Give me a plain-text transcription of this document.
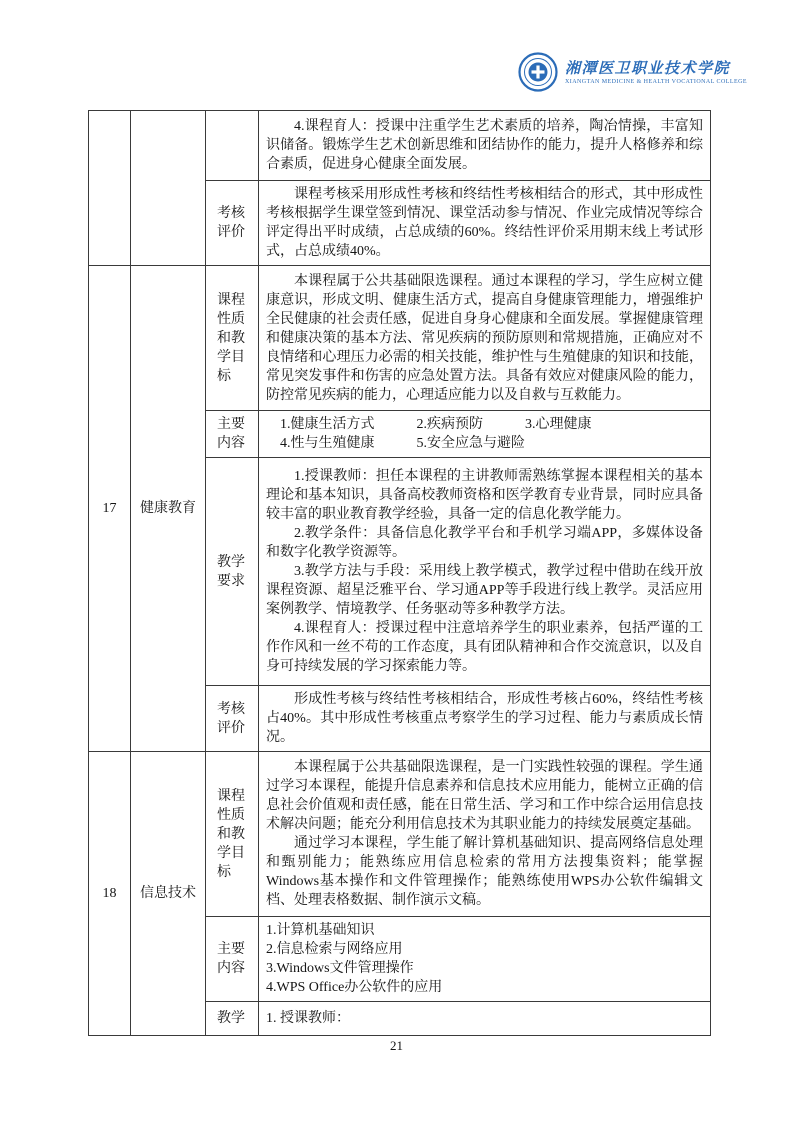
湘潭医卫职业技术学院
XIANGTAN MEDICINE & HEALTH VOCATIONAL COLLEGE

			4.课程育人：授课中注重学生艺术素质的培养，陶冶情操，丰富知识储备。锻炼学生艺术创新思维和团结协作的能力，提升人格修养和综合素质，促进身心健康全面发展。

		考核评价	课程考核采用形成性考核和终结性考核相结合的形式，其中形成性考核根据学生课堂签到情况、课堂活动参与情况、作业完成情况等综合评定得出平时成绩，占总成绩的60%。终结性评价采用期末线上考试形式，占总成绩40%。

17	健康教育	课程性质和教学目标	本课程属于公共基础限选课程。通过本课程的学习，学生应树立健康意识，形成文明、健康生活方式，提高自身健康管理能力，增强维护全民健康的社会责任感，促进自身身心健康和全面发展。掌握健康管理和健康决策的基本方法、常见疾病的预防原则和常规措施，正确应对不良情绪和心理压力必需的相关技能，维护性与生殖健康的知识和技能，常见突发事件和伤害的应急处置方法。具备有效应对健康风险的能力，防控常见疾病的能力，心理适应能力以及自救与互救能力。

		主要内容	1.健康生活方式　　　2.疾病预防　　　3.心理健康

4.性与生殖健康　　　5.安全应急与避险

		教学要求	1.授课教师：担任本课程的主讲教师需熟练掌握本课程相关的基本理论和基本知识，具备高校教师资格和医学教育专业背景，同时应具备较丰富的职业教育教学经验，具备一定的信息化教学能力。

2.教学条件：具备信息化教学平台和手机学习端APP，多媒体设备和数字化教学资源等。

3.教学方法与手段：采用线上教学模式，教学过程中借助在线开放课程资源、超星泛雅平台、学习通APP等手段进行线上教学。灵活应用案例教学、情境教学、任务驱动等多种教学方法。

4.课程育人：授课过程中注意培养学生的职业素养，包括严谨的工作作风和一丝不苟的工作态度，具有团队精神和合作交流意识，以及自身可持续发展的学习探索能力等。

		考核评价	形成性考核与终结性考核相结合，形成性考核占60%，终结性考核占40%。其中形成性考核重点考察学生的学习过程、能力与素质成长情况。

18	信息技术	课程性质和教学目标	本课程属于公共基础限选课程，是一门实践性较强的课程。学生通过学习本课程，能提升信息素养和信息技术应用能力，能树立正确的信息社会价值观和责任感，能在日常生活、学习和工作中综合运用信息技术解决问题；能充分利用信息技术为其职业能力的持续发展奠定基础。

通过学习本课程，学生能了解计算机基础知识、提高网络信息处理和甄别能力；能熟练应用信息检索的常用方法搜集资料；能掌握Windows基本操作和文件管理操作；能熟练使用WPS办公软件编辑文档、处理表格数据、制作演示文稿。

		主要内容	1.计算机基础知识

2.信息检索与网络应用

3.Windows文件管理操作

4.WPS Office办公软件的应用

		教学	1. 授课教师：

21
